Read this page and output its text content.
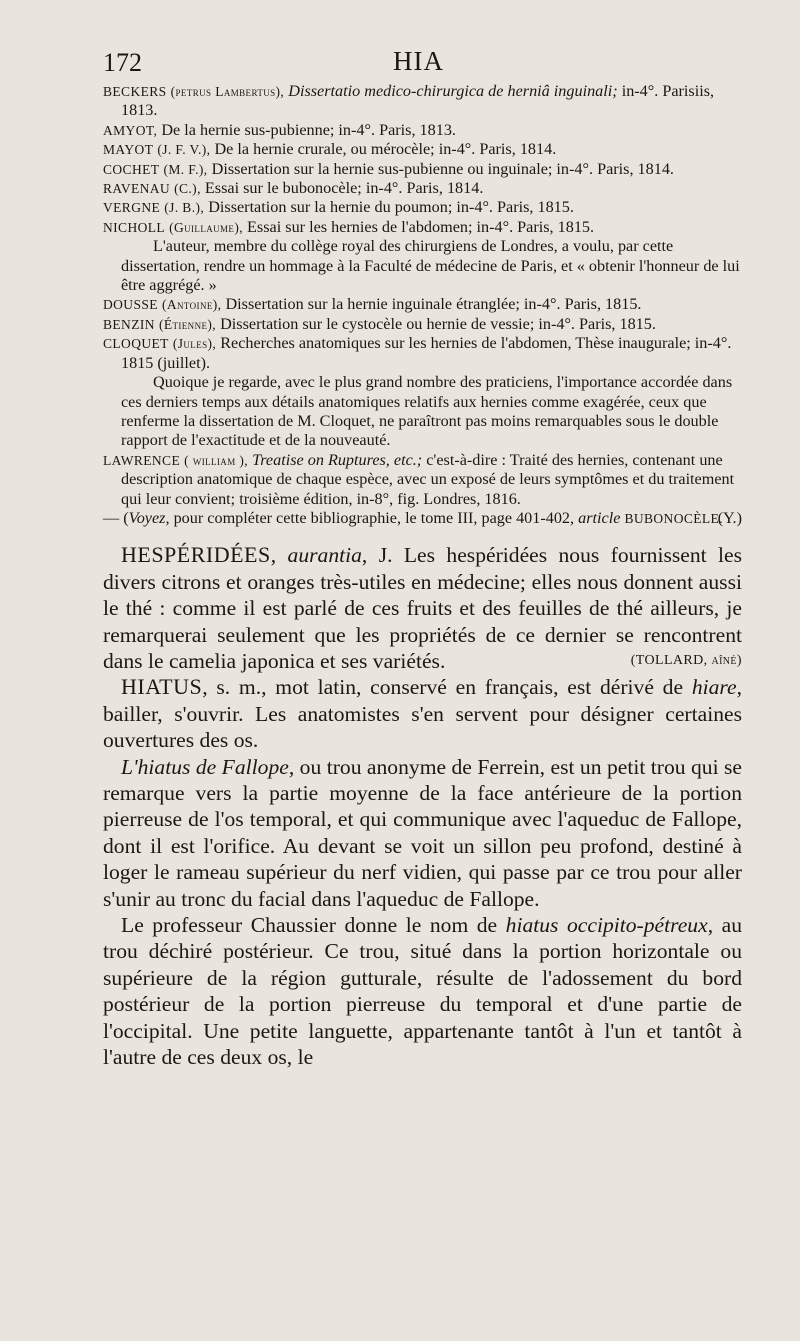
172	HIA
BECKERS (petrus Lambertus), Dissertatio medico-chirurgica de herniâ inguinali; in-4°. Parisiis, 1813.
AMYOT, De la hernie sus-pubienne; in-4°. Paris, 1813.
MAYOT (J. F. V.), De la hernie crurale, ou mérocèle; in-4°. Paris, 1814.
COCHET (M. F.), Dissertation sur la hernie sus-pubienne ou inguinale; in-4°. Paris, 1814.
RAVENAU (C.), Essai sur le bubonocèle; in-4°. Paris, 1814.
VERGNE (J. B.), Dissertation sur la hernie du poumon; in-4°. Paris, 1815.
NICHOLL (Guillaume), Essai sur les hernies de l'abdomen; in-4°. Paris, 1815.
L'auteur, membre du collège royal des chirurgiens de Londres, a voulu, par cette dissertation, rendre un hommage à la Faculté de médecine de Paris, et « obtenir l'honneur de lui être aggrégé. »
DOUSSE (Antoine), Dissertation sur la hernie inguinale étranglée; in-4°. Paris, 1815.
BENZIN (Étienne), Dissertation sur le cystocèle ou hernie de vessie; in-4°. Paris, 1815.
CLOQUET (Jules), Recherches anatomiques sur les hernies de l'abdomen, Thèse inaugurale; in-4°. 1815 (juillet).
Quoique je regarde, avec le plus grand nombre des praticiens, l'importance accordée dans ces derniers temps aux détails anatomiques relatifs aux hernies comme exagérée, ceux que renferme la dissertation de M. Cloquet, ne paraîtront pas moins remarquables sous le double rapport de l'exactitude et de la nouveauté.
LAWRENCE ( william ), Treatise on Ruptures, etc.; c'est-à-dire : Traité des hernies, contenant une description anatomique de chaque espèce, avec un exposé de leurs symptômes et du traitement qui leur convient; troisième édition, in-8°, fig. Londres, 1816.
— (Voyez, pour compléter cette bibliographie, le tome III, page 401-402, article BUBONOCÈLE.
(Y.)

HESPÉRIDÉES, aurantia, J. Les hespéridées nous fournissent les divers citrons et oranges très-utiles en médecine; elles nous donnent aussi le thé : comme il est parlé de ces fruits et des feuilles de thé ailleurs, je remarquerai seulement que les propriétés de ce dernier se rencontrent dans le camelia japonica et ses variétés.	(TOLLARD, aîné)

HIATUS, s. m., mot latin, conservé en français, est dérivé de hiare, bailler, s'ouvrir. Les anatomistes s'en servent pour désigner certaines ouvertures des os.

L'hiatus de Fallope, ou trou anonyme de Ferrein, est un petit trou qui se remarque vers la partie moyenne de la face antérieure de la portion pierreuse de l'os temporal, et qui communique avec l'aqueduc de Fallope, dont il est l'orifice. Au devant se voit un sillon peu profond, destiné à loger le rameau supérieur du nerf vidien, qui passe par ce trou pour aller s'unir au tronc du facial dans l'aqueduc de Fallope.

Le professeur Chaussier donne le nom de hiatus occipito-pétreux, au trou déchiré postérieur. Ce trou, situé dans la portion horizontale ou supérieure de la région gutturale, résulte de l'adossement du bord postérieur de la portion pierreuse du temporal et d'une partie de l'occipital. Une petite languette, appartenante tantôt à l'un et tantôt à l'autre de ces deux os, le
